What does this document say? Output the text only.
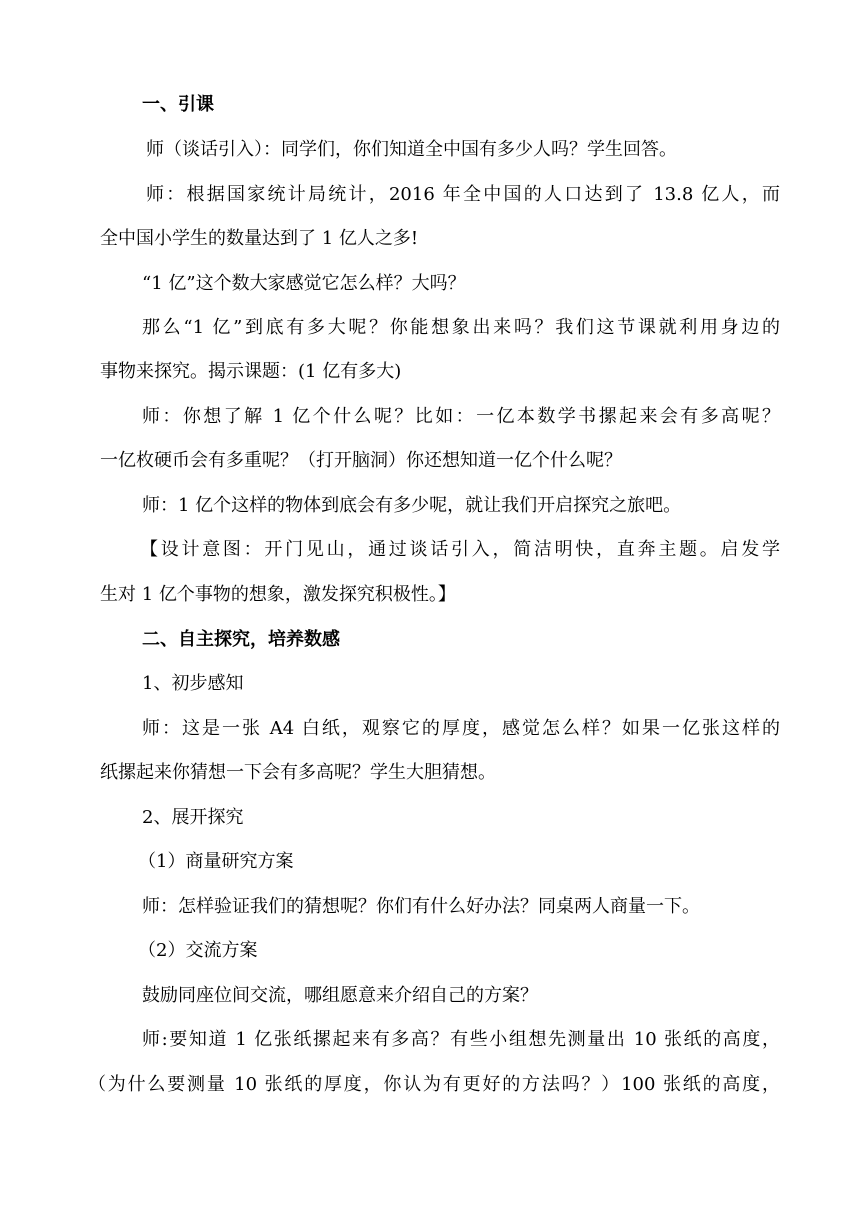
一、引课

师（谈话引入）：同学们，你们知道全中国有多少人吗？学生回答。

师：根据国家统计局统计，2016 年全中国的人口达到了 13.8 亿人，而

全中国小学生的数量达到了 1 亿人之多!

“1 亿”这个数大家感觉它怎么样？大吗？

那么“1 亿”到底有多大呢？你能想象出来吗？我们这节课就利用身边的

事物来探究。揭示课题：(1 亿有多大)

师：你想了解 1 亿个什么呢？比如：一亿本数学书摞起来会有多高呢？

一亿枚硬币会有多重呢？（打开脑洞）你还想知道一亿个什么呢？

师：1 亿个这样的物体到底会有多少呢，就让我们开启探究之旅吧。

【设计意图：开门见山，通过谈话引入，简洁明快，直奔主题。启发学

生对 1 亿个事物的想象，激发探究积极性。】

二、自主探究，培养数感

1、初步感知

师：这是一张 A4 白纸，观察它的厚度，感觉怎么样？如果一亿张这样的

纸摞起来你猜想一下会有多高呢？学生大胆猜想。

2、展开探究

（1）商量研究方案

师：怎样验证我们的猜想呢？你们有什么好办法？同桌两人商量一下。

（2）交流方案

鼓励同座位间交流，哪组愿意来介绍自己的方案？

师:要知道 1 亿张纸摞起来有多高？有些小组想先测量出 10 张纸的高度，

（为什么要测量 10 张纸的厚度，你认为有更好的方法吗？）100 张纸的高度，
